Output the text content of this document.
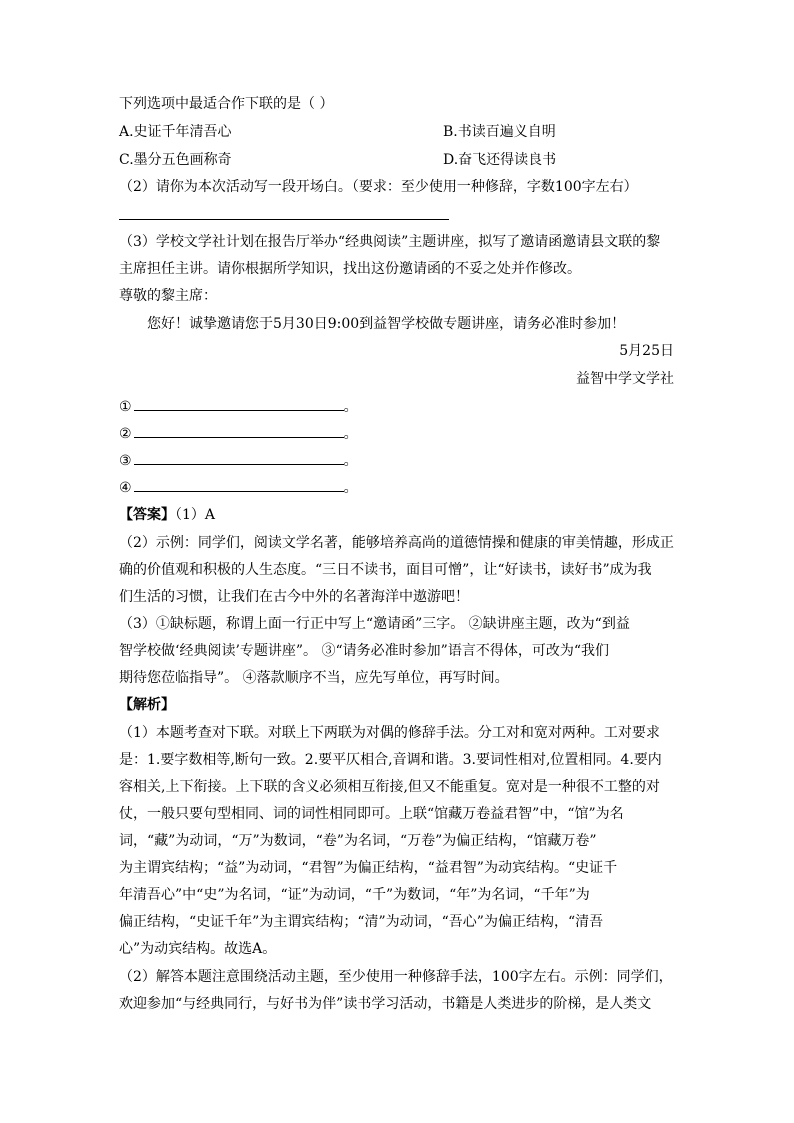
下列选项中最适合作下联的是（ ）
A.史证千年清吾心	B.书读百遍义自明
C.墨分五色画称奇	D.奋飞还得读良书
（2）请你为本次活动写一段开场白。（要求：至少使用一种修辞，字数100字左右）
（3）学校文学社计划在报告厅举办“经典阅读”主题讲座，拟写了邀请函邀请县文联的黎
主席担任主讲。请你根据所学知识，找出这份邀请函的不妥之处并作修改。
尊敬的黎主席：
您好！诚挚邀请您于5月30日9:00到益智学校做专题讲座，请务必准时参加！
5月25日
益智中学文学社
①	。
②	。
③	。
④	。
【答案】（1）A
（2）示例：同学们，阅读文学名著，能够培养高尚的道德情操和健康的审美情趣，形成正
确的价值观和积极的人生态度。“三日不读书，面目可憎”，让“好读书，读好书”成为我
们生活的习惯，让我们在古今中外的名著海洋中遨游吧！
（3）①缺标题，称谓上面一行正中写上“邀请函”三字。 ②缺讲座主题，改为“到益
智学校做‘经典阅读’专题讲座”。 ③“请务必准时参加”语言不得体，可改为“我们
期待您莅临指导”。 ④落款顺序不当，应先写单位，再写时间。
【解析】
（1）本题考查对下联。对联上下两联为对偶的修辞手法。分工对和宽对两种。工对要求
是：1.要字数相等,断句一致。2.要平仄相合,音调和谐。3.要词性相对,位置相同。4.要内
容相关,上下衔接。上下联的含义必须相互衔接,但又不能重复。宽对是一种很不工整的对
仗，一般只要句型相同、词的词性相同即可。上联“馆藏万卷益君智”中，“馆”为名
词，“藏”为动词，“万”为数词，“卷”为名词，“万卷”为偏正结构，“馆藏万卷”
为主谓宾结构；“益”为动词，“君智”为偏正结构，“益君智”为动宾结构。“史证千
年清吾心”中“史”为名词，“证”为动词，“千”为数词，“年”为名词，“千年”为
偏正结构，“史证千年”为主谓宾结构；“清”为动词，“吾心”为偏正结构，“清吾
心”为动宾结构。故选A。
（2）解答本题注意围绕活动主题，至少使用一种修辞手法，100字左右。示例：同学们，
欢迎参加“与经典同行，与好书为伴”读书学习活动，书籍是人类进步的阶梯，是人类文
